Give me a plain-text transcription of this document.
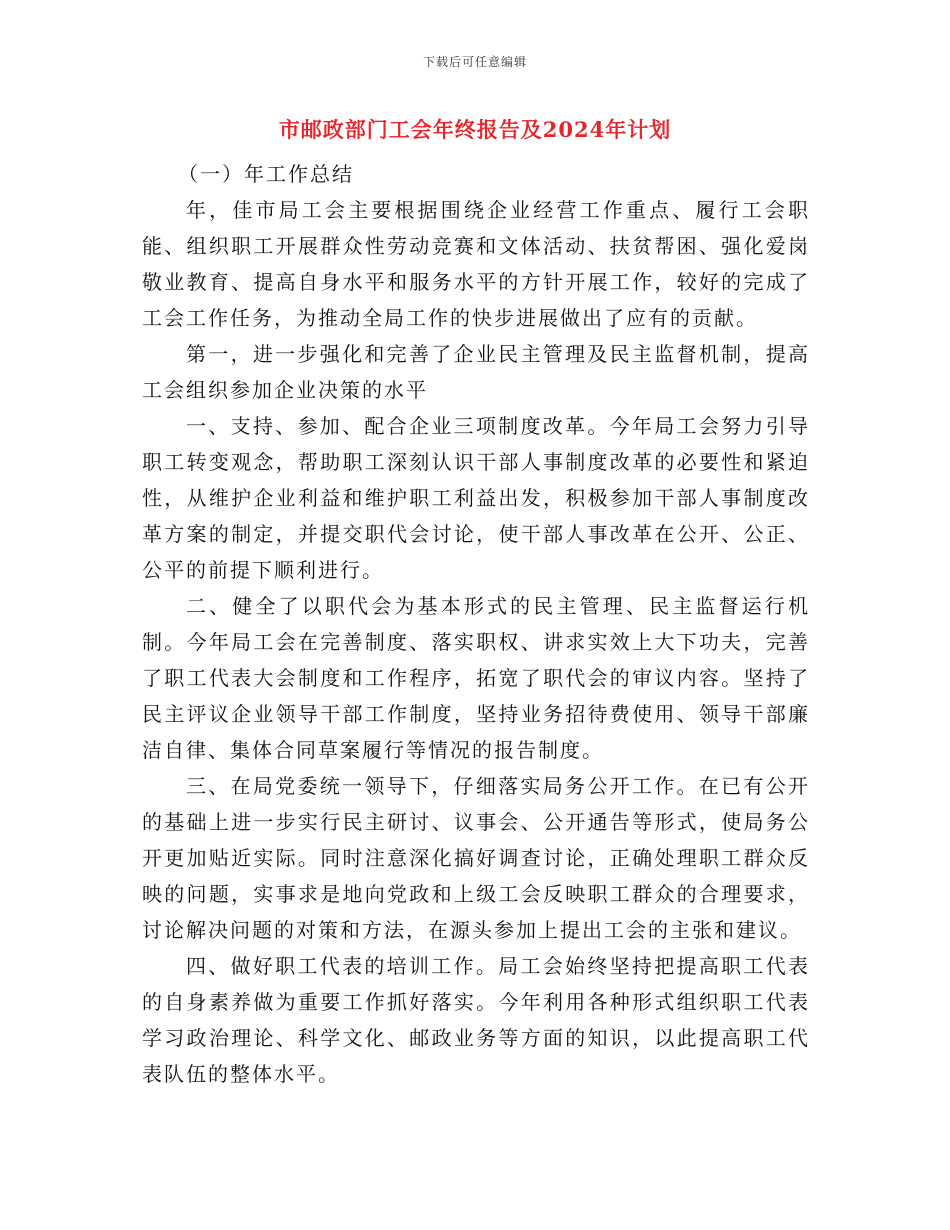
下载后可任意编辑
市邮政部门工会年终报告及2024年计划

（一）年工作总结

年，佳市局工会主要根据围绕企业经营工作重点、履行工会职能、组织职工开展群众性劳动竞赛和文体活动、扶贫帮困、强化爱岗敬业教育、提高自身水平和服务水平的方针开展工作，较好的完成了工会工作任务，为推动全局工作的快步进展做出了应有的贡献。

第一，进一步强化和完善了企业民主管理及民主监督机制，提高工会组织参加企业决策的水平

一、支持、参加、配合企业三项制度改革。今年局工会努力引导职工转变观念，帮助职工深刻认识干部人事制度改革的必要性和紧迫性，从维护企业利益和维护职工利益出发，积极参加干部人事制度改革方案的制定，并提交职代会讨论，使干部人事改革在公开、公正、公平的前提下顺利进行。

二、健全了以职代会为基本形式的民主管理、民主监督运行机制。今年局工会在完善制度、落实职权、讲求实效上大下功夫，完善了职工代表大会制度和工作程序，拓宽了职代会的审议内容。坚持了民主评议企业领导干部工作制度，坚持业务招待费使用、领导干部廉洁自律、集体合同草案履行等情况的报告制度。

三、在局党委统一领导下，仔细落实局务公开工作。在已有公开的基础上进一步实行民主研讨、议事会、公开通告等形式，使局务公开更加贴近实际。同时注意深化搞好调查讨论，正确处理职工群众反映的问题，实事求是地向党政和上级工会反映职工群众的合理要求，讨论解决问题的对策和方法，在源头参加上提出工会的主张和建议。

四、做好职工代表的培训工作。局工会始终坚持把提高职工代表的自身素养做为重要工作抓好落实。今年利用各种形式组织职工代表学习政治理论、科学文化、邮政业务等方面的知识，以此提高职工代表队伍的整体水平。
